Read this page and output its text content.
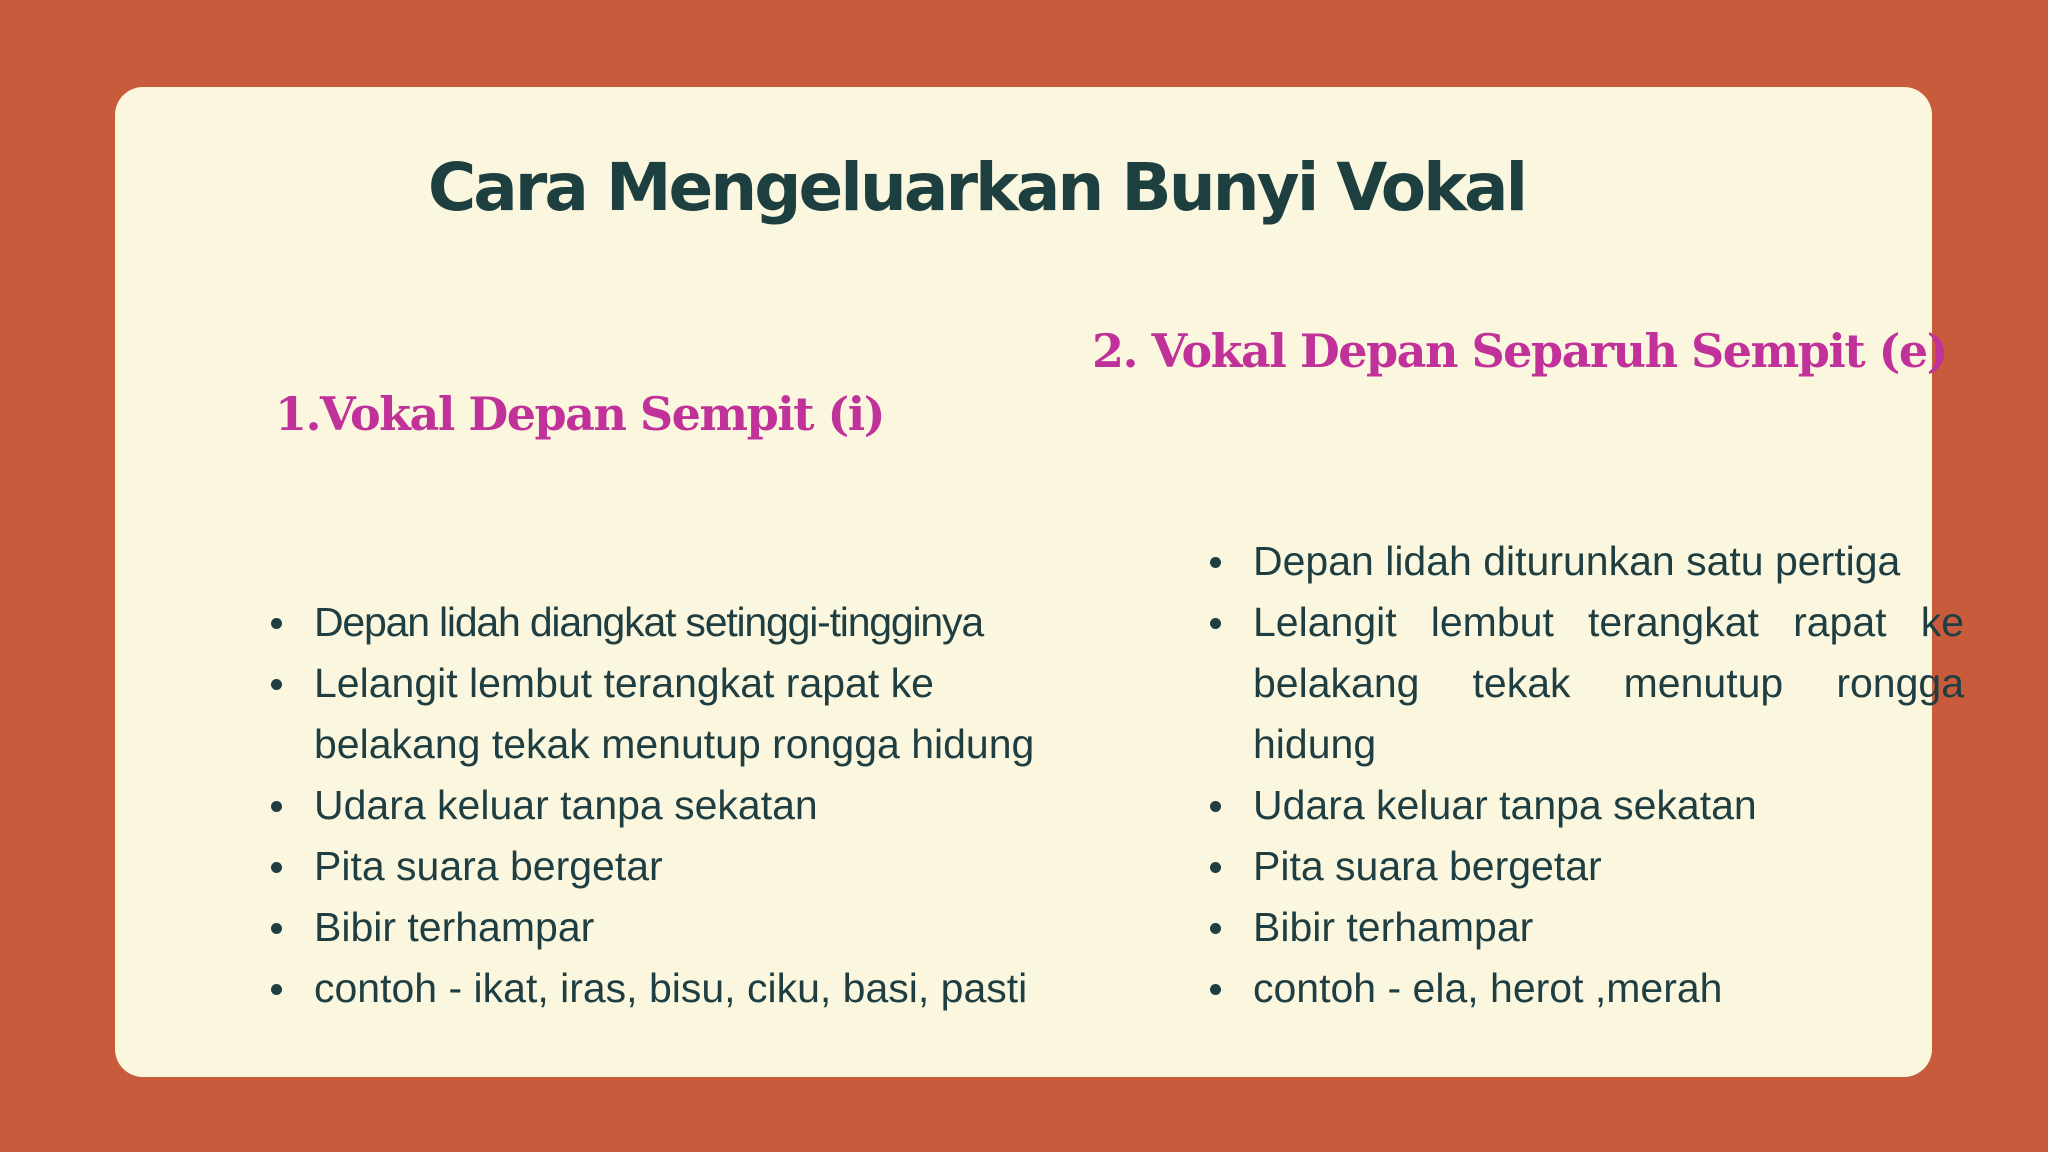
Cara Mengeluarkan Bunyi Vokal
1.Vokal Depan Sempit (i)
Depan lidah diangkat setinggi-tingginya
Lelangit lembut terangkat rapat ke belakang tekak menutup rongga hidung
Udara keluar tanpa sekatan
Pita suara bergetar
Bibir terhampar
contoh - ikat, iras, bisu, ciku, basi, pasti
2. Vokal Depan Separuh Sempit (e)
Depan lidah diturunkan satu pertiga
Lelangit lembut terangkat rapat ke belakang tekak menutup rongga hidung
Udara keluar tanpa sekatan
Pita suara bergetar
Bibir terhampar
contoh - ela, herot ,merah
